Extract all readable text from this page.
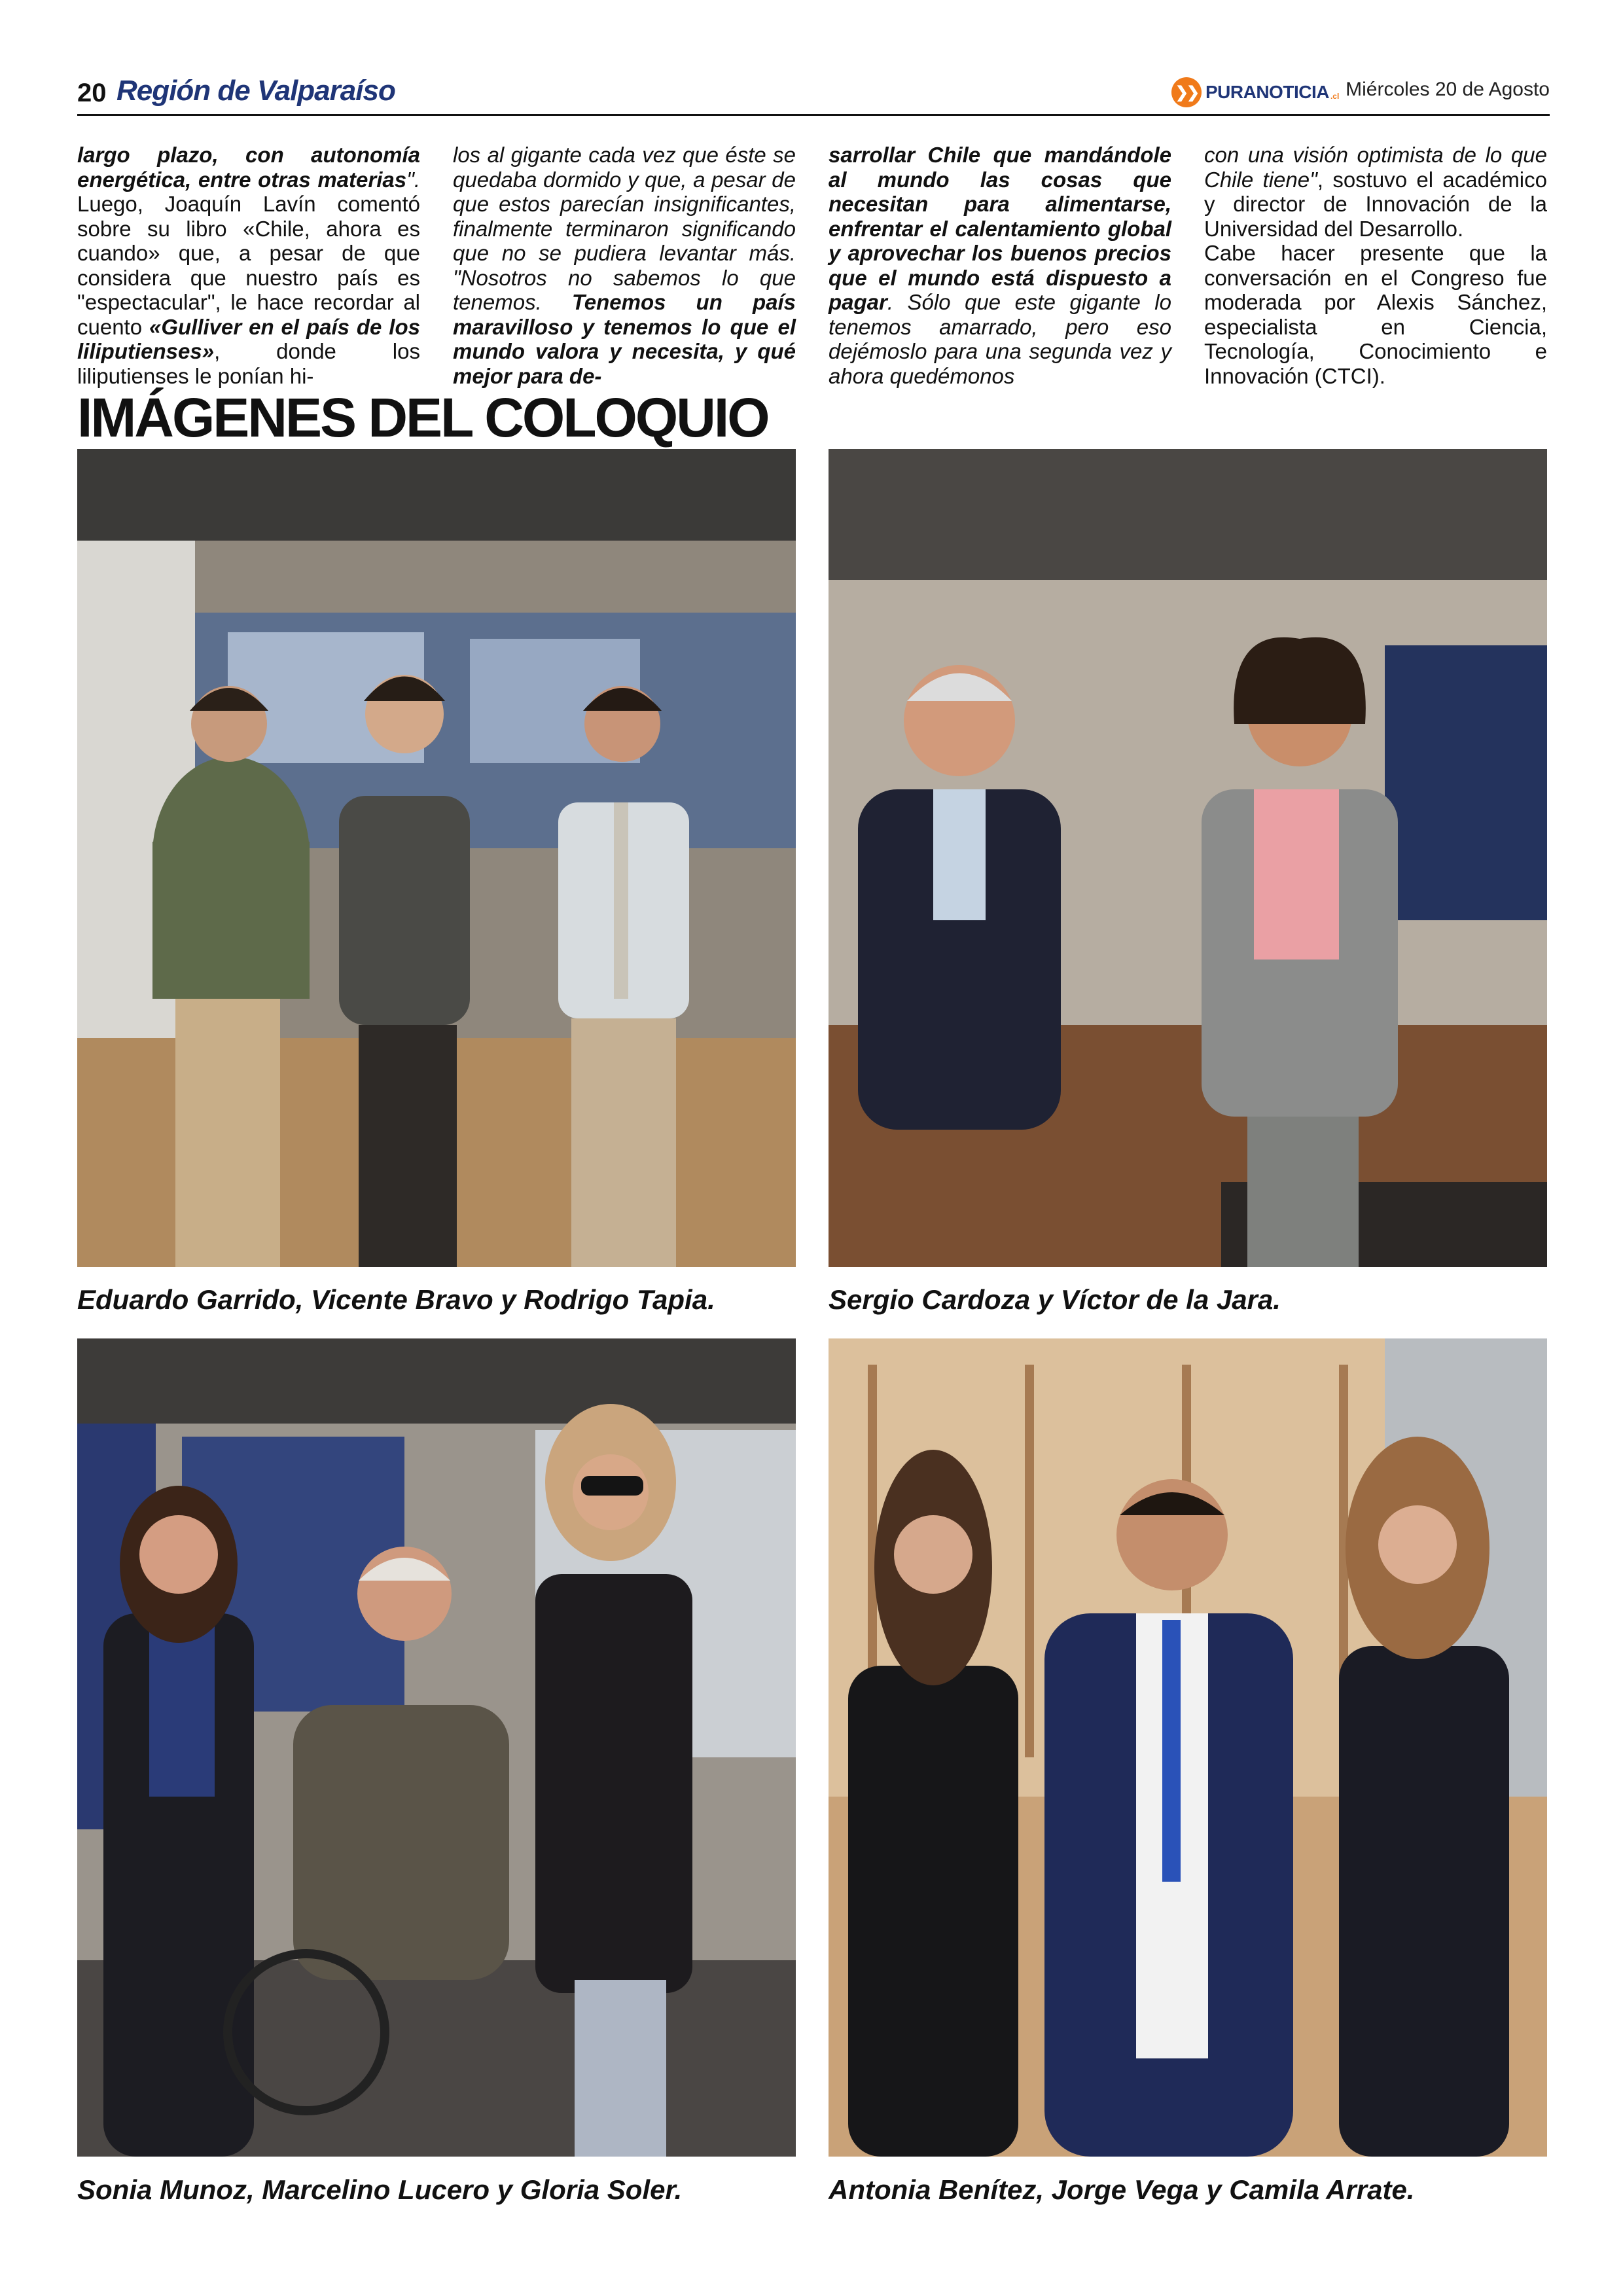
20 Región de Valparaíso	❯❯ PURANOTICIA .cl Miércoles 20 de Agosto

largo plazo, con autonomía energética, entre otras materias". Luego, Joaquín Lavín comentó sobre su libro «Chile, ahora es cuando» que, a pesar de que considera que nuestro país es "espectacular", le hace recordar al cuento «Gulliver en el país de los liliputienses», donde los liliputienses le ponían hi-

los al gigante cada vez que éste se quedaba dormido y que, a pesar de que estos parecían insignificantes, finalmente terminaron significando que no se pudiera levantar más. "Nosotros no sabemos lo que tenemos. Tenemos un país maravilloso y tenemos lo que el mundo valora y necesita, y qué mejor para de-

sarrollar Chile que mandándole al mundo las cosas que necesitan para alimentarse, enfrentar el calentamiento global y aprovechar los buenos precios que el mundo está dispuesto a pagar. Sólo que este gigante lo tenemos amarrado, pero eso dejémoslo para una segunda vez y ahora quedémonos

con una visión optimista de lo que Chile tiene", sostuvo el académico y director de Innovación de la Universidad del Desarrollo.
Cabe hacer presente que la conversación en el Congreso fue moderada por Alexis Sánchez, especialista en Ciencia, Tecnología, Conocimiento e Innovación (CTCI).

IMÁGENES DEL COLOQUIO
Eduardo Garrido, Vicente Bravo y Rodrigo Tapia.	Sergio Cardoza y Víctor de la Jara.
Sonia Munoz, Marcelino Lucero y Gloria Soler.	Antonia Benítez, Jorge Vega y Camila Arrate.
